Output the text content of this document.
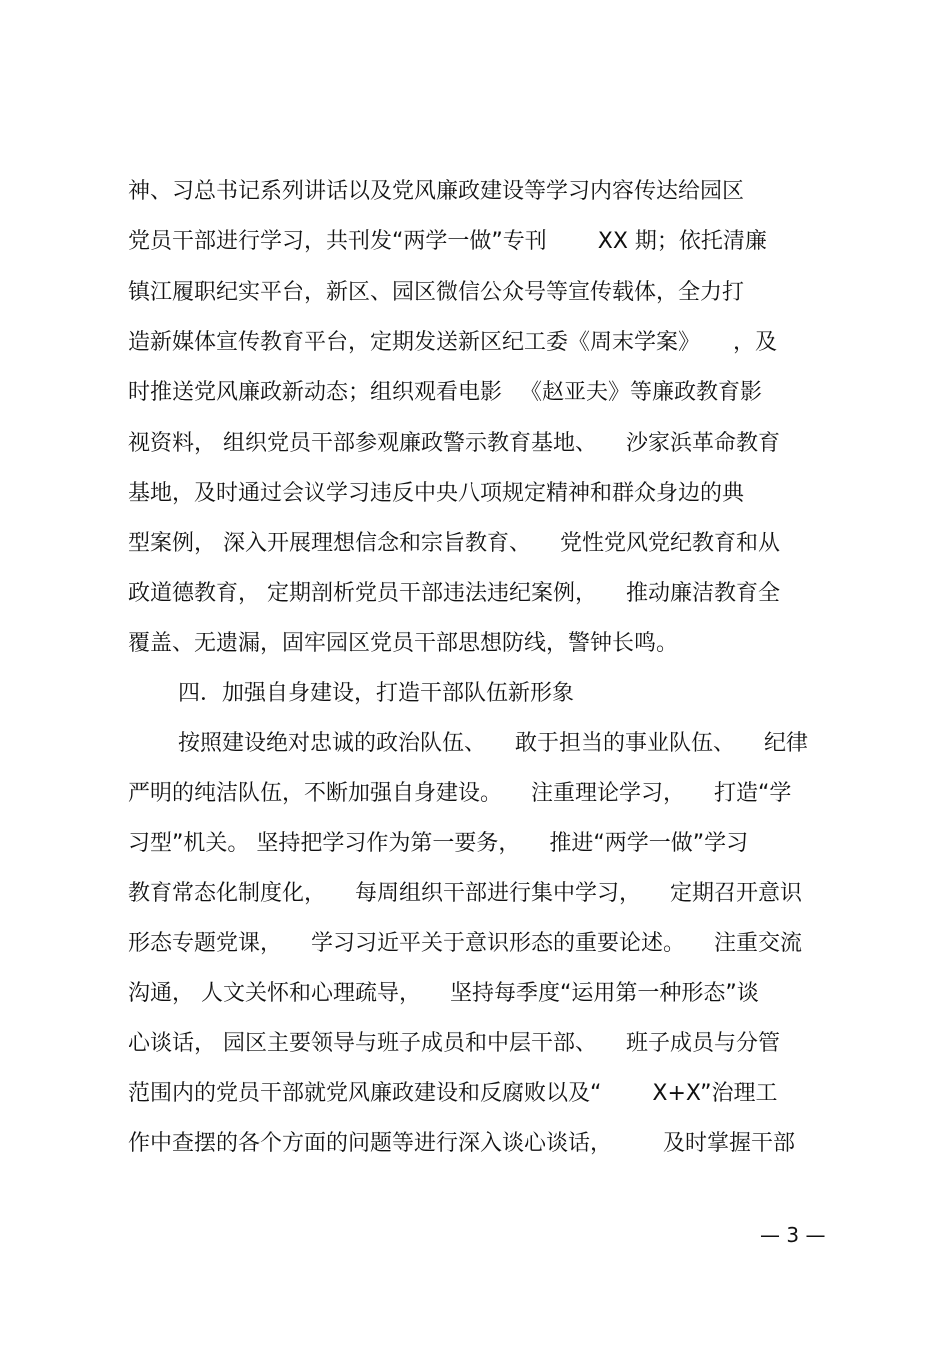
神、习总书记系列讲话以及党风廉政建设等学习内容传达给园区
党员干部进行学习，共刊发“两学一做”专刊 　　XX 期；依托清廉
镇江履职纪实平台，新区、园区微信公众号等宣传载体，全力打
造新媒体宣传教育平台，定期发送新区纪工委《周末学案》　　，及
时推送党风廉政新动态；组织观看电影 　《赵亚夫》等廉政教育影
视资料， 组织党员干部参观廉政警示教育基地、 　沙家浜革命教育
基地，及时通过会议学习违反中央八项规定精神和群众身边的典
型案例， 深入开展理想信念和宗旨教育、 　党性党风党纪教育和从
政道德教育， 定期剖析党员干部违法违纪案例， 　推动廉洁教育全
覆盖、无遗漏，固牢园区党员干部思想防线，警钟长鸣。
四．加强自身建设，打造干部队伍新形象
按照建设绝对忠诚的政治队伍、 　敢于担当的事业队伍、 　纪律
严明的纯洁队伍，不断加强自身建设。 　注重理论学习， 　打造“学
习型”机关。 坚持把学习作为第一要务， 　推进“两学一做”学习
教育常态化制度化， 　每周组织干部进行集中学习， 　定期召开意识
形态专题党课， 　学习习近平关于意识形态的重要论述。 　注重交流
沟通， 人文关怀和心理疏导， 　坚持每季度“运用第一种形态”谈
心谈话， 园区主要领导与班子成员和中层干部、 　班子成员与分管
范围内的党员干部就党风廉政建设和反腐败以及“ 　　X+X”治理工
作中查摆的各个方面的问题等进行深入谈心谈话， 　　及时掌握干部
— 3 —
